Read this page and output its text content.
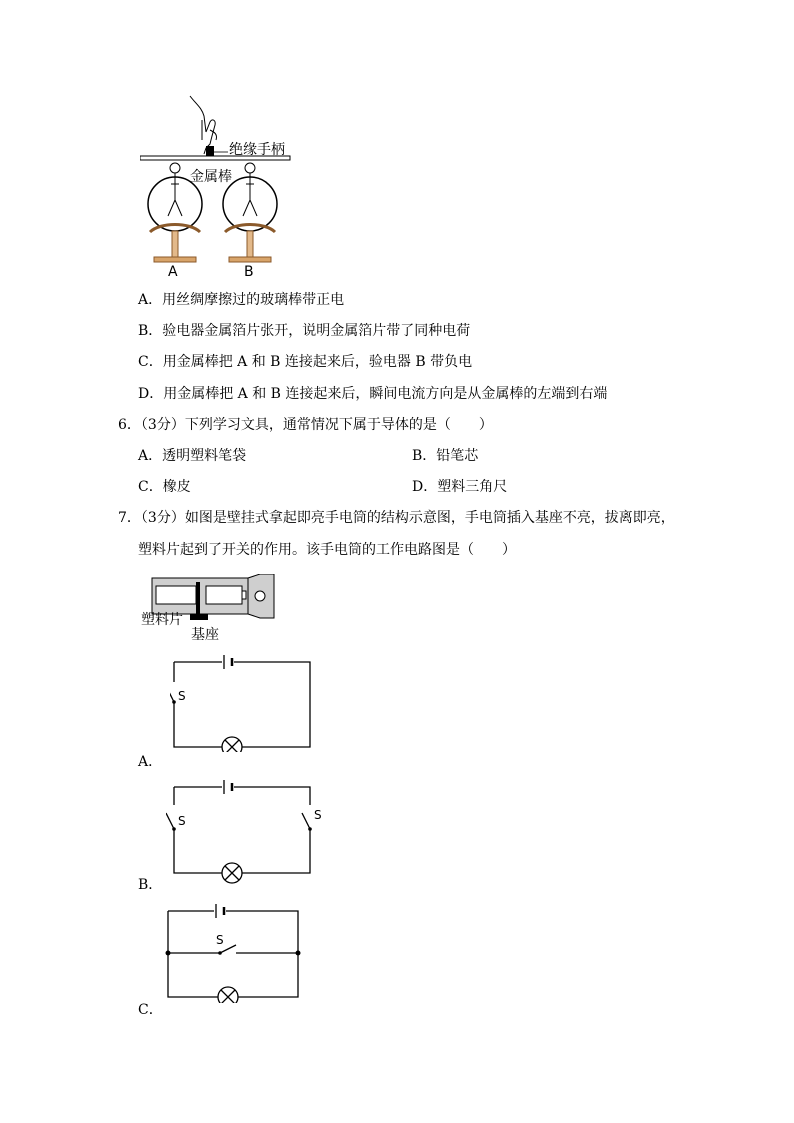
绝缘手柄
金属棒
A	B
A．用丝绸摩擦过的玻璃棒带正电
B．验电器金属箔片张开，说明金属箔片带了同种电荷
C．用金属棒把 A 和 B 连接起来后，验电器 B 带负电
D．用金属棒把 A 和 B 连接起来后，瞬间电流方向是从金属棒的左端到右端
6．（3分）下列学习文具，通常情况下属于导体的是（　　）
A．透明塑料笔袋	B．铅笔芯
C．橡皮	D．塑料三角尺
7．（3分）如图是壁挂式拿起即亮手电筒的结构示意图，手电筒插入基座不亮，拔离即亮，
塑料片起到了开关的作用。该手电筒的工作电路图是（　　）
塑料片
基座
S
A．
S	S
B．
S
C．
